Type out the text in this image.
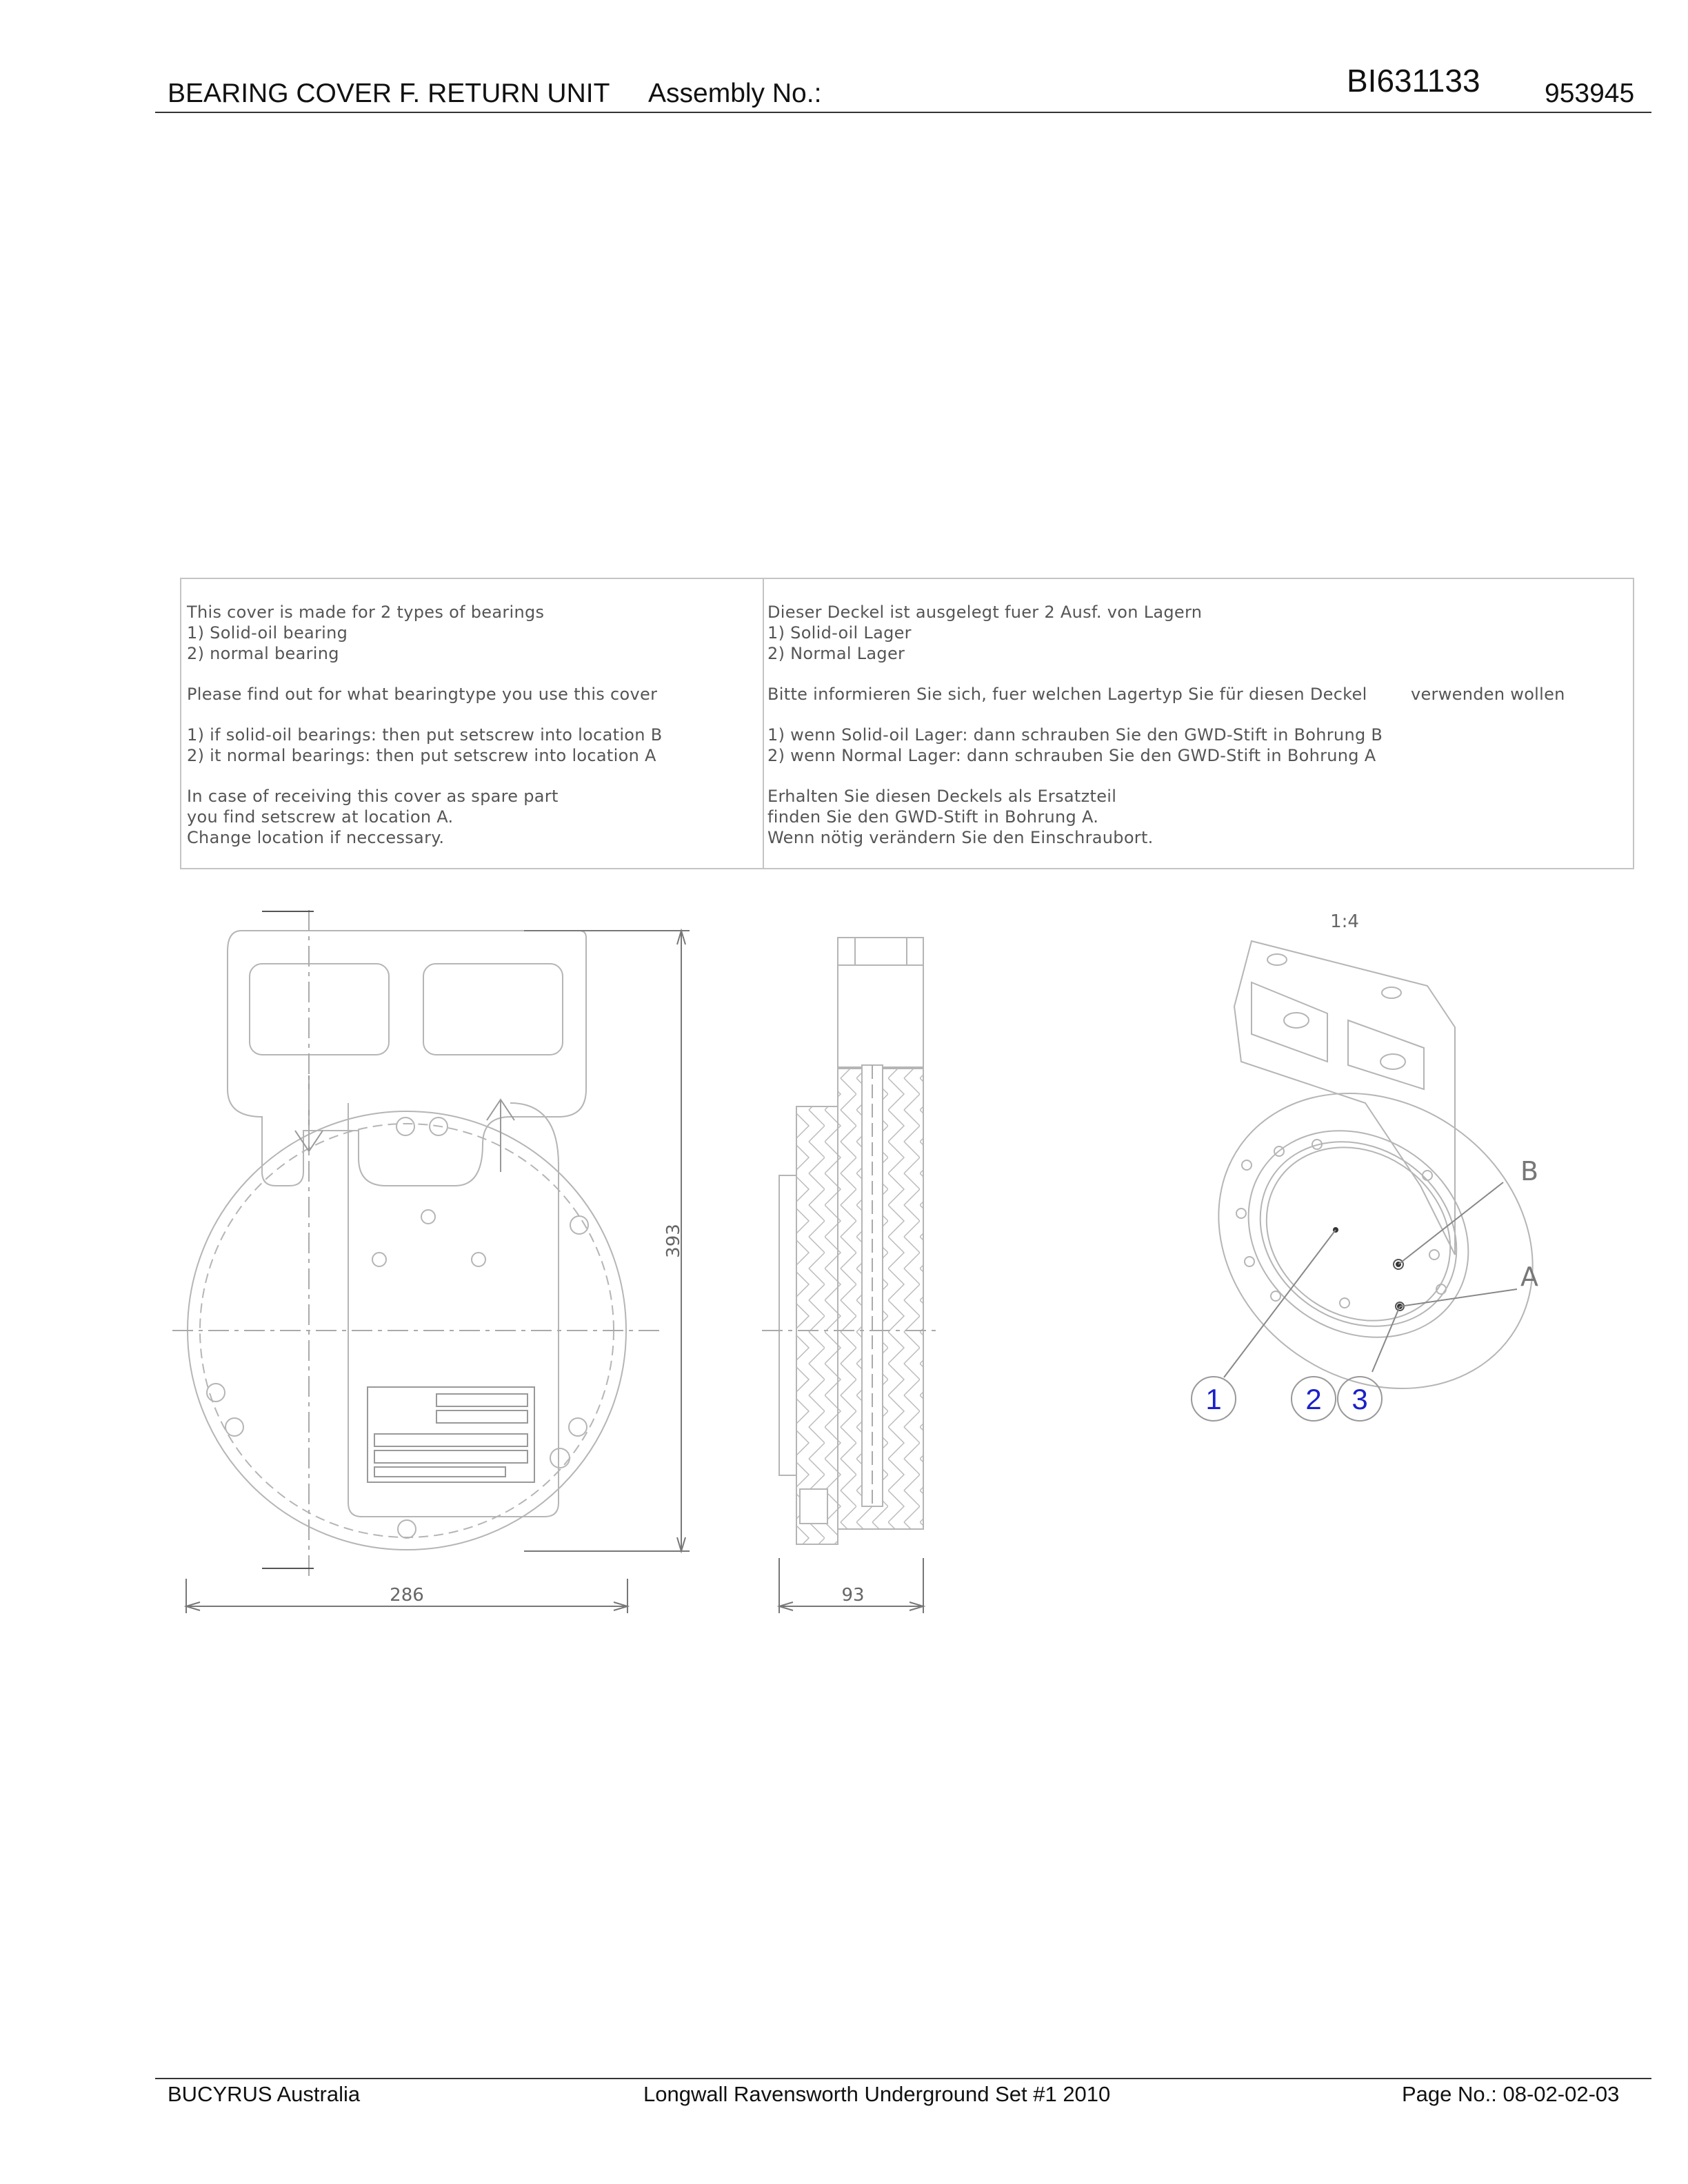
BEARING COVER F. RETURN UNIT Assembly No.:	BI631133 953945
This cover is made for 2 types of bearings
1) Solid-oil bearing
2) normal bearing
Please find out for what bearingtype you use this cover
1) if solid-oil bearings: then put setscrew into location B
2) it normal bearings: then put setscrew into location A
In case of receiving this cover as spare part
you find setscrew at location A.
Change location if neccessary.
Dieser Deckel ist ausgelegt fuer 2 Ausf. von Lagern
1) Solid-oil Lager
2) Normal Lager
Bitte informieren Sie sich, fuer welchen Lagertyp Sie für diesen Deckel        verwenden wollen
1) wenn Solid-oil Lager: dann schrauben Sie den GWD-Stift in Bohrung B
2) wenn Normal Lager: dann schrauben Sie den GWD-Stift in Bohrung A
Erhalten Sie diesen Deckels als Ersatzteil
finden Sie den GWD-Stift in Bohrung A.
Wenn nötig verändern Sie den Einschraubort.
393
286	93
1:4
B
A
1	2 3
BUCYRUS Australia	Longwall Ravensworth Underground Set #1 2010	Page No.: 08-02-02-03
